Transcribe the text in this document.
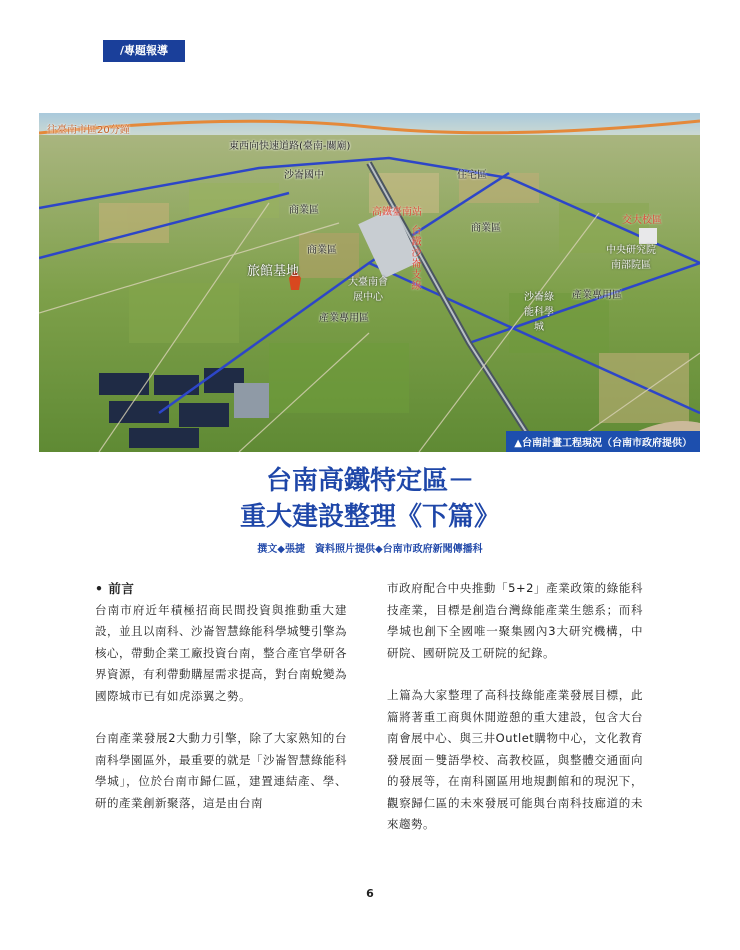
/專題報導
往臺南市區20分鐘
東西向快速道路(臺南-關廟)
沙崙國中	住宅區
商業區	高鐵臺南站
台鐵沙崙支線	商業區
商業區
交大校區
旅館基地
大臺南會展中心
中央研究院南部院區
沙崙綠能科學城
產業專用區
產業專用區
▲台南計畫工程現況（台南市政府提供）
台南高鐵特定區－
重大建設整理《下篇》
撰文◆張捷　資料照片提供◆台南市政府新聞傳播科

• 前言

台南市府近年積極招商民間投資與推動重大建設，並且以南科、沙崙智慧綠能科學城雙引擎為核心，帶動企業工廠投資台南，整合產官學研各界資源，有利帶動購屋需求提高，對台南蛻變為國際城市已有如虎添翼之勢。

台南產業發展2大動力引擎，除了大家熟知的台南科學園區外，最重要的就是「沙崙智慧綠能科學城」，位於台南市歸仁區，建置連結產、學、研的產業創新聚落，這是由台南

市政府配合中央推動「5+2」產業政策的綠能科技產業，目標是創造台灣綠能產業生態系；而科學城也創下全國唯一聚集國內3大研究機構，中研院、國研院及工研院的紀錄。

上篇為大家整理了高科技綠能產業發展目標，此篇將著重工商與休閒遊憩的重大建設，包含大台南會展中心、與三井Outlet購物中心，文化教育發展面－雙語學校、高教校區，與整體交通面向的發展等，在南科園區用地規劃館和的現況下，觀察歸仁區的未來發展可能與台南科技廊道的未來趨勢。

6
